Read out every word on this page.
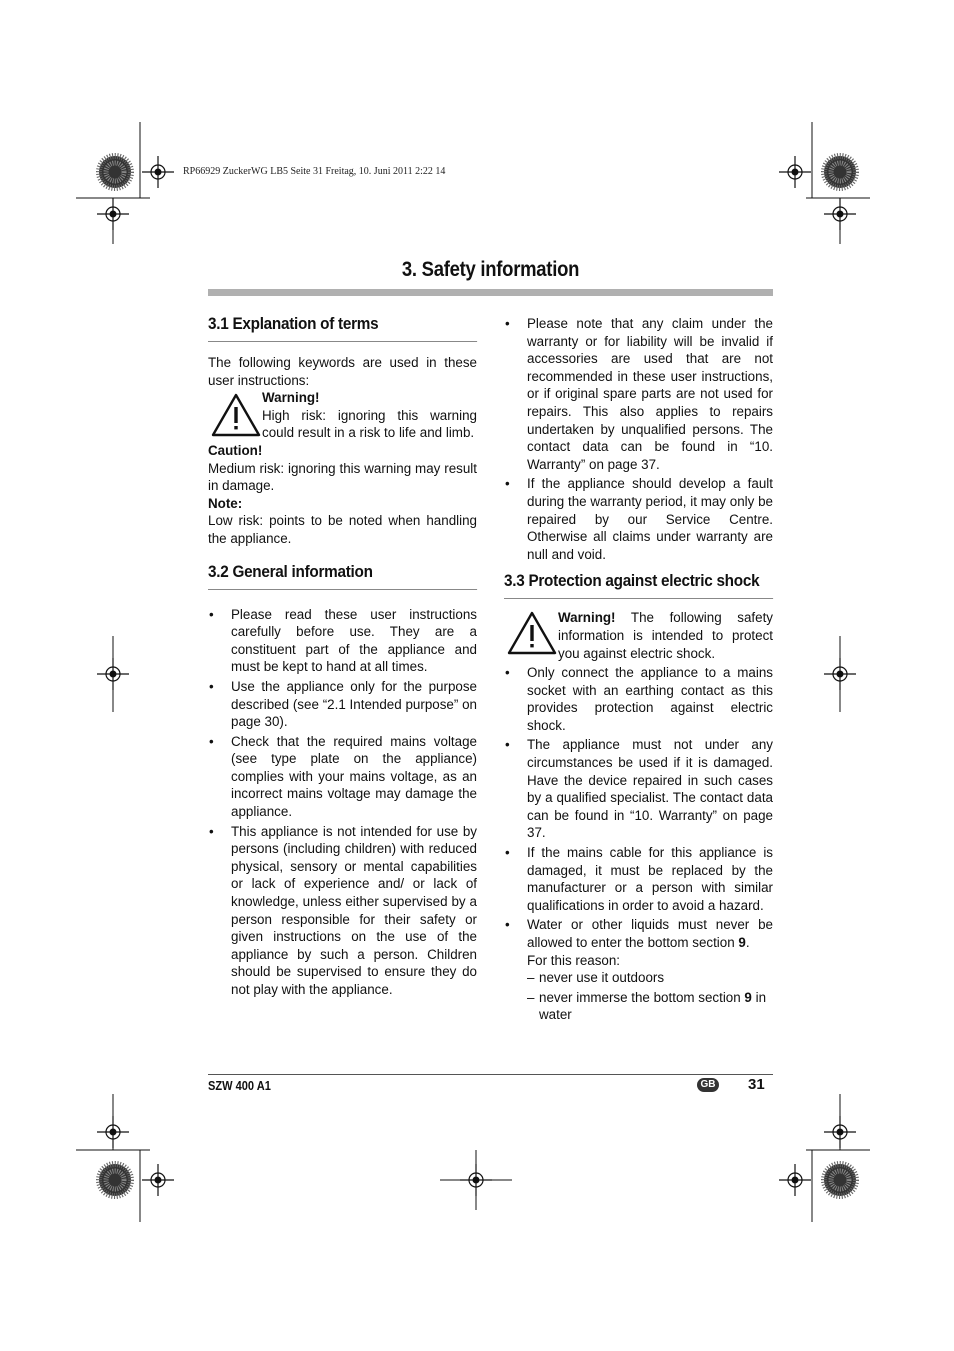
RP66929 ZuckerWG LB5 Seite 31 Freitag, 10. Juni 2011 2:22 14
3. Safety information
3.1 Explanation of terms

The following keywords are used in these user instructions:

Warning!

High risk: ignoring this warning could result in a risk to life and limb.

Caution!

Medium risk: ignoring this warning may result in damage.

Note:

Low risk: points to be noted when handling the appliance.

3.2 General information
• Please read these user instructions carefully before use. They are a constituent part of the appliance and must be kept to hand at all times.
• Use the appliance only for the purpose described (see “2.1 Intended purpose” on page 30).
• Check that the required mains voltage (see type plate on the appliance) complies with your mains voltage, as an incorrect mains voltage may damage the appliance.
• This appliance is not intended for use by persons (including children) with reduced physical, sensory or mental capabilities or lack of experience and/ or lack of knowledge, unless either supervised by a person responsible for their safety or given instructions on the use of the appliance by such a person. Children should be supervised to ensure they do not play with the appliance.
• Please note that any claim under the warranty or for liability will be invalid if accessories are used that are not recommended in these user instructions, or if original spare parts are not used for repairs. This also applies to repairs undertaken by unqualified persons. The contact data can be found in “10. Warranty” on page 37.
• If the appliance should develop a fault during the warranty period, it may only be repaired by our Service Centre. Otherwise all claims under warranty are null and void.
3.3 Protection against electric shock

Warning! The following safety information is intended to protect you against electric shock.

• Only connect the appliance to a mains socket with an earthing contact as this provides protection against electric shock.
• The appliance must not under any circumstances be used if it is damaged. Have the device repaired in such cases by a qualified specialist. The contact data can be found in “10. Warranty” on page 37.
• If the mains cable for this appliance is damaged, it must be replaced by the manufacturer or a person with similar qualifications in order to avoid a hazard.
• Water or other liquids must never be allowed to enter the bottom section 9.
For this reason:
– never use it outdoors
– never immerse the bottom section 9 in water
SZW 400 A1	GB 31
